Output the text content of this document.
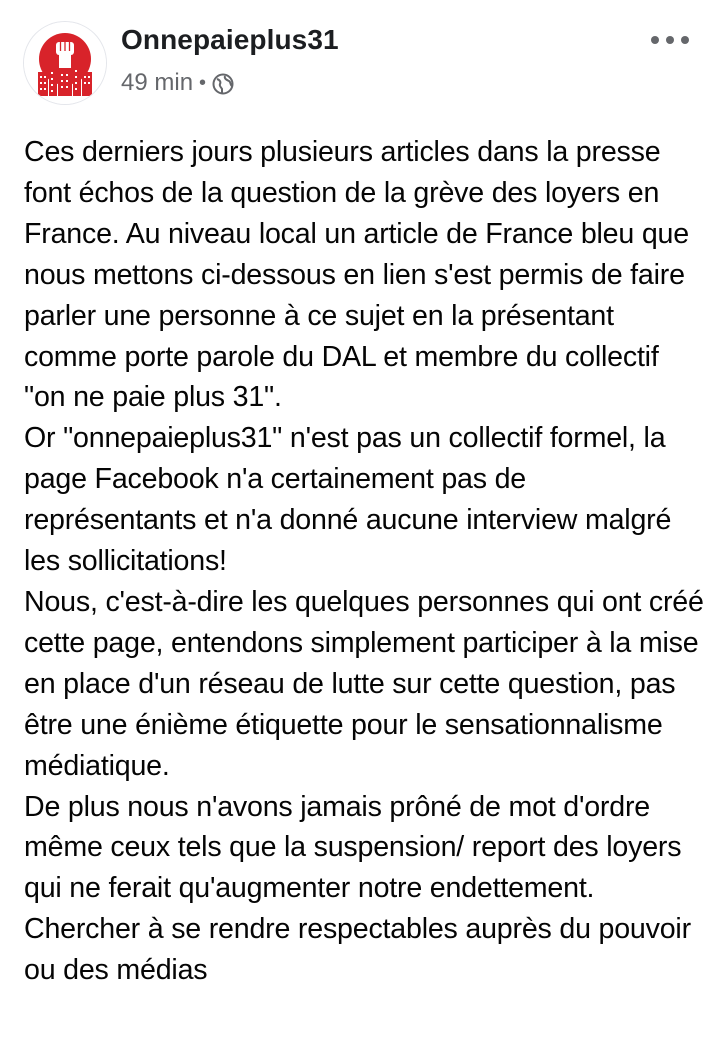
Onnepaieplus31
49 min •

Ces derniers jours plusieurs articles dans la presse font échos de la question de la grève des loyers en France. Au niveau local un article de France bleu que nous mettons ci-dessous en lien s'est permis de faire parler une personne à ce sujet en la présentant comme porte parole du DAL et membre du collectif "on ne paie plus 31".

Or "onnepaieplus31" n'est pas un collectif formel, la page Facebook n'a certainement pas de représentants et n'a donné aucune interview malgré les sollicitations!

Nous, c'est-à-dire les quelques personnes qui ont créé cette page, entendons simplement participer à la mise en place d'un réseau de lutte sur cette question, pas être une énième étiquette pour le sensationnalisme médiatique.

De plus nous n'avons jamais prôné de mot d'ordre même ceux tels que la suspension/ report des loyers qui ne ferait qu'augmenter notre endettement. Chercher à se rendre respectables auprès du pouvoir ou des médias
